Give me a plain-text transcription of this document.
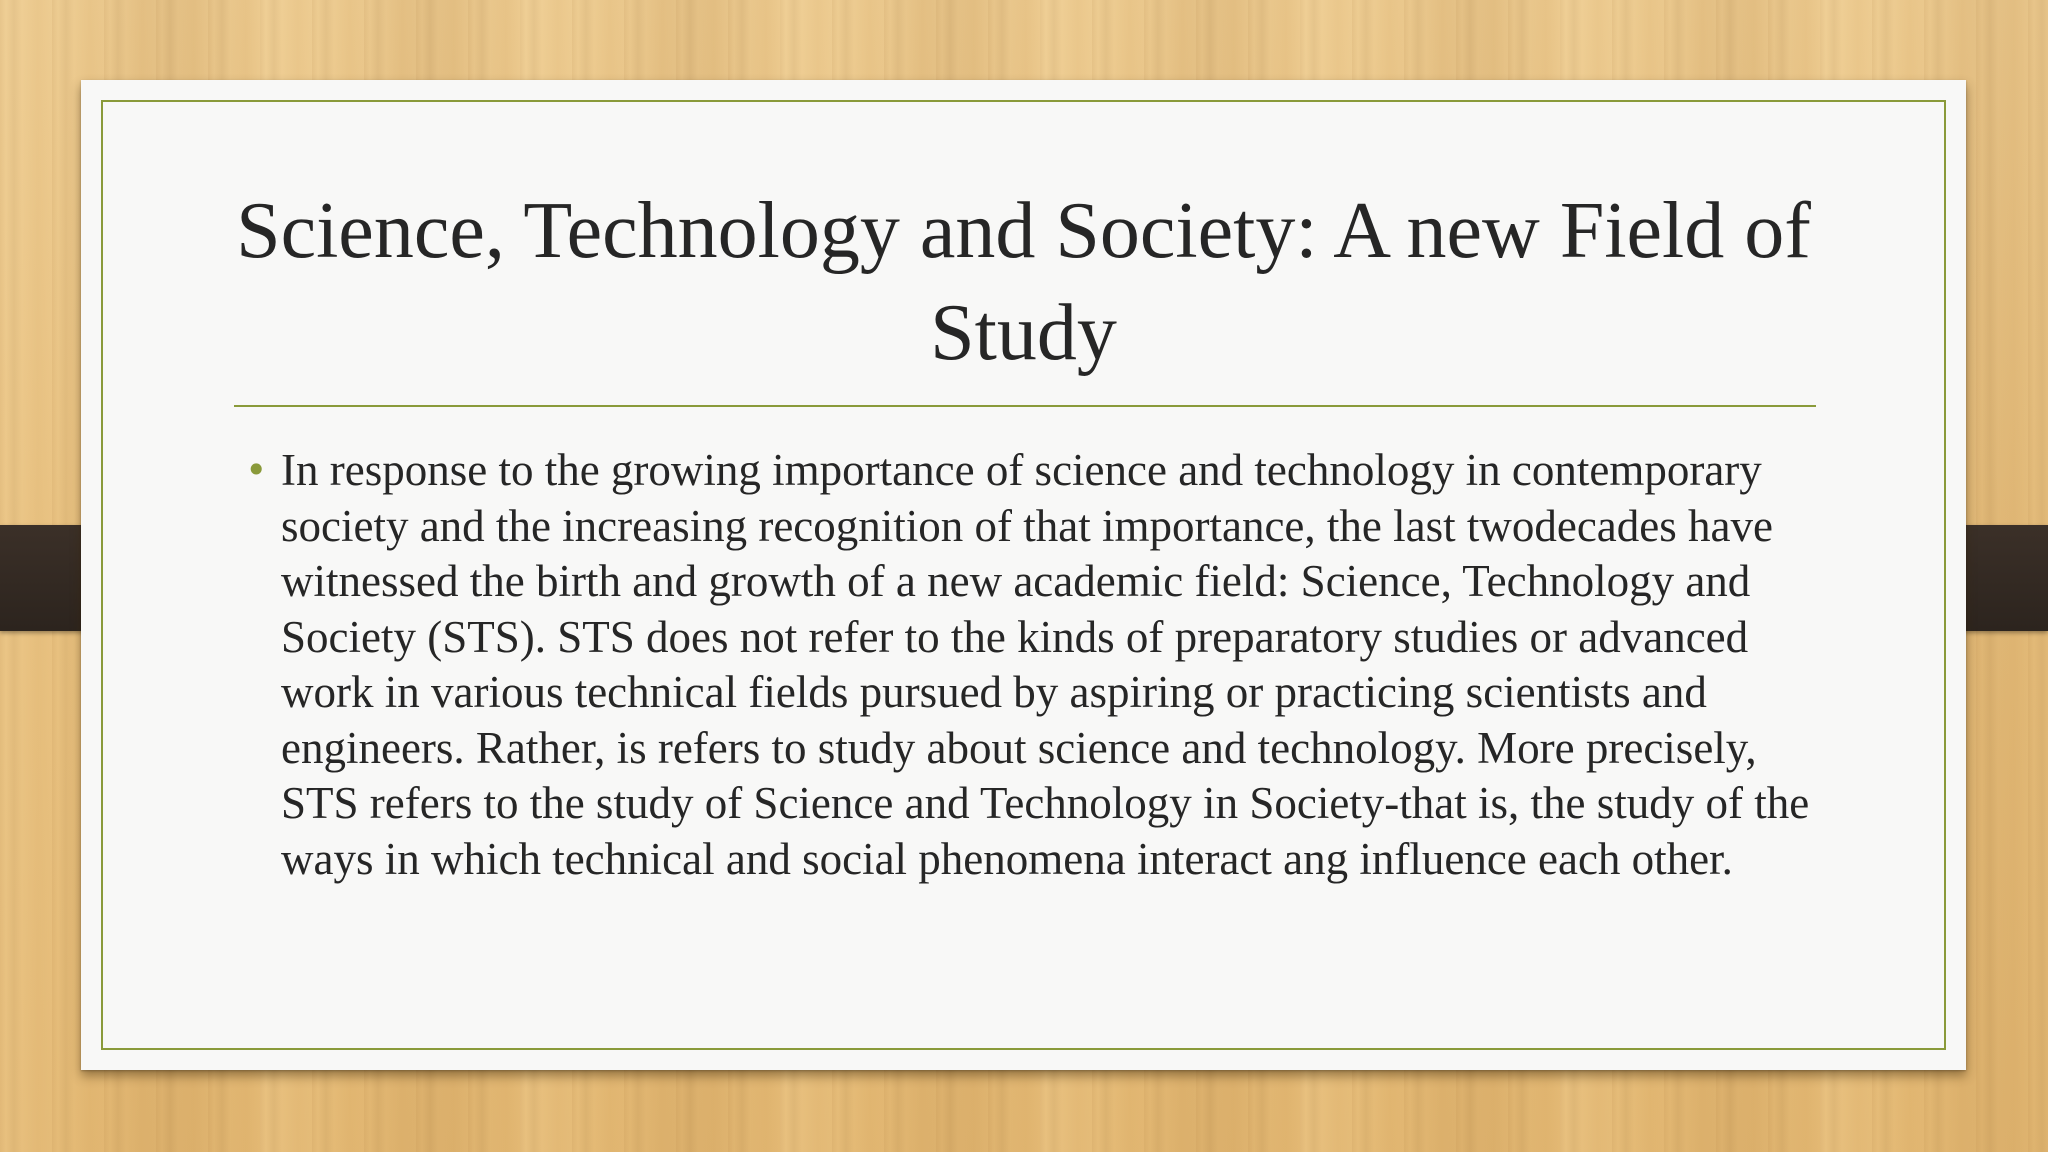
Science, Technology and Society: A new Field of Study
• In response to the growing importance of science and technology in contemporary society and the increasing recognition of that importance, the last twodecades have witnessed the birth and growth of a new academic field: Science, Technology and Society (STS). STS does not refer to the kinds of preparatory studies or advanced work in various technical fields pursued by aspiring or practicing scientists and engineers. Rather, is refers to study about science and technology. More precisely, STS refers to the study of Science and Technology in Society-that is, the study of the ways in which technical and social phenomena interact ang influence each other.
